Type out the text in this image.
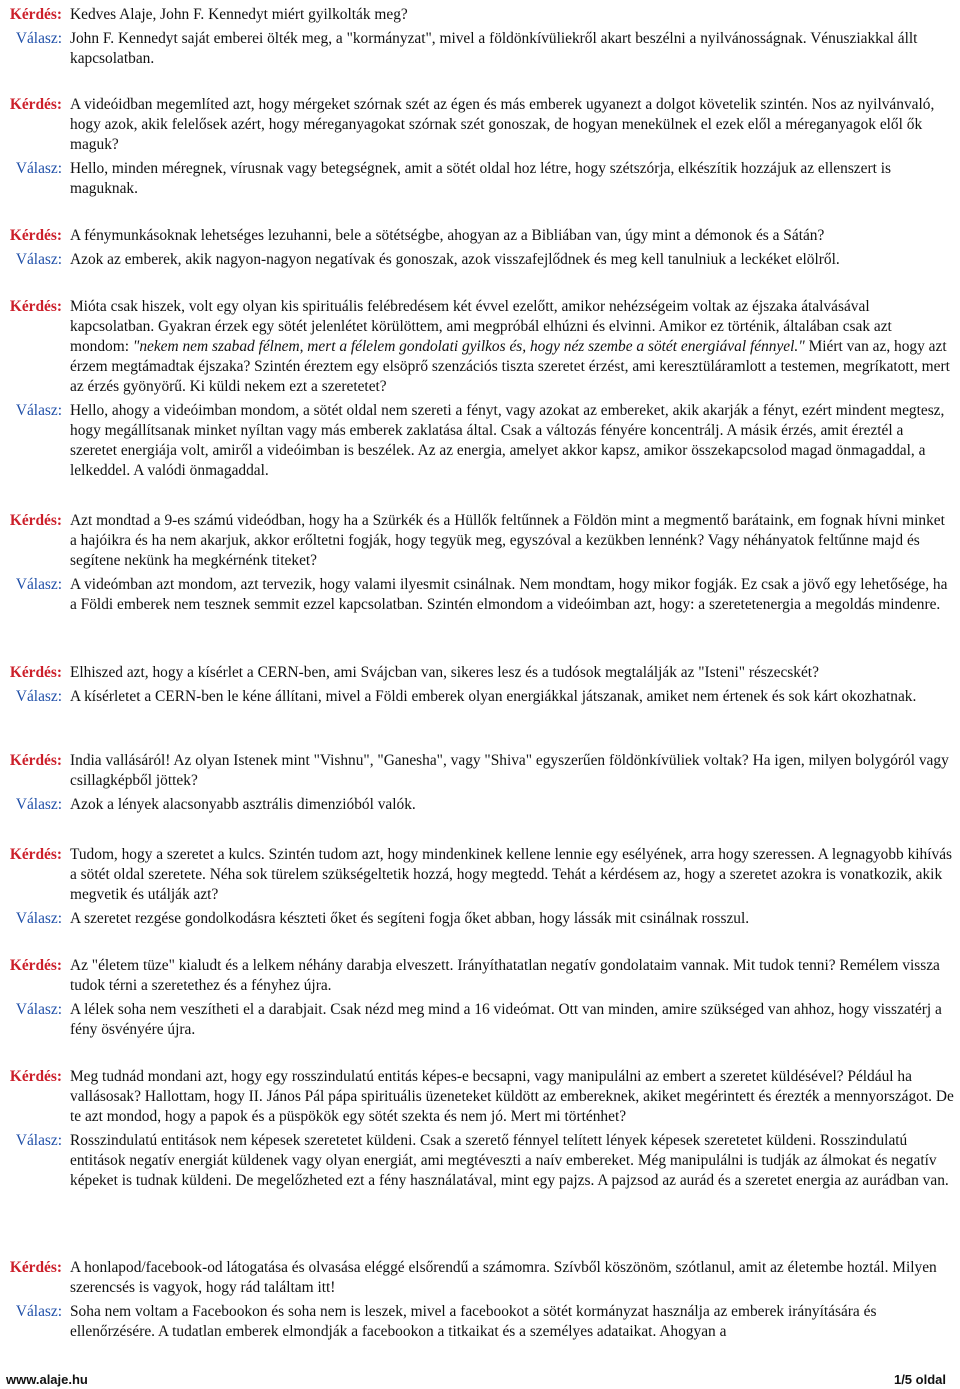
Kérdés: Kedves Alaje, John F. Kennedyt miért gyilkolták meg?
Válasz: John F. Kennedyt saját emberei ölték meg, a "kormányzat", mivel a földönkívüliekről akart beszélni a nyilvánosságnak. Vénusziakkal állt kapcsolatban.
Kérdés: A videóidban megemlíted azt, hogy mérgeket szórnak szét az égen és más emberek ugyanezt a dolgot követelik szintén. Nos az nyilvánvaló, hogy azok, akik felelősek azért, hogy méreganyagokat szórnak szét gonoszak, de hogyan menekülnek el ezek elől a méreganyagok elől ők maguk?
Válasz: Hello, minden méregnek, vírusnak vagy betegségnek, amit a sötét oldal hoz létre, hogy szétszórja, elkészítik hozzájuk az ellenszert is maguknak.
Kérdés: A fénymunkásoknak lehetséges lezuhanni, bele a sötétségbe, ahogyan az a Bibliában van, úgy mint a démonok és a Sátán?
Válasz: Azok az emberek, akik nagyon-nagyon negatívak és gonoszak, azok visszafejlődnek és meg kell tanulniuk a leckéket elölről.
Kérdés: Mióta csak hiszek, volt egy olyan kis spirituális felébredésem két évvel ezelőtt, amikor nehézségeim voltak az éjszaka átalvásával kapcsolatban. Gyakran érzek egy sötét jelenlétet körülöttem, ami megpróbál elhúzni és elvinni. Amikor ez történik, általában csak azt mondom: "nekem nem szabad félnem, mert a félelem gondolati gyilkos és, hogy néz szembe a sötét energiával fénnyel." Miért van az, hogy azt érzem megtámadtak éjszaka? Szintén éreztem egy elsöprő szenzációs tiszta szeretet érzést, ami keresztüláramlott a testemen, megríkatott, mert az érzés gyönyörű. Ki küldi nekem ezt a szeretetet?
Válasz: Hello, ahogy a videóimban mondom, a sötét oldal nem szereti a fényt, vagy azokat az embereket, akik akarják a fényt, ezért mindent megtesz, hogy megállítsanak minket nyíltan vagy más emberek zaklatása által. Csak a változás fényére koncentrálj. A másik érzés, amit éreztél a szeretet energiája volt, amiről a videóimban is beszélek. Az az energia, amelyet akkor kapsz, amikor összekapcsolod magad önmagaddal, a lelkeddel. A valódi önmagaddal.
Kérdés: Azt mondtad a 9-es számú videódban, hogy ha a Szürkék és a Hüllők feltűnnek a Földön mint a megmentő barátaink, em fognak hívni minket a hajóikra és ha nem akarjuk, akkor erőltetni fogják, hogy tegyük meg, egyszóval a kezükben lennénk? Vagy néhányatok feltűnne majd és segítene nekünk ha megkérnénk titeket?
Válasz: A videómban azt mondom, azt tervezik, hogy valami ilyesmit csinálnak. Nem mondtam, hogy mikor fogják. Ez csak a jövő egy lehetősége, ha a Földi emberek nem tesznek semmit ezzel kapcsolatban. Szintén elmondom a videóimban azt, hogy: a szeretetenergia a megoldás mindenre.
Kérdés: Elhiszed azt, hogy a kísérlet a CERN-ben, ami Svájcban van, sikeres lesz és a tudósok megtalálják az "Isteni" részecskét?
Válasz: A kísérletet a CERN-ben le kéne állítani, mivel a Földi emberek olyan energiákkal játszanak, amiket nem értenek és sok kárt okozhatnak.
Kérdés: India vallásáról! Az olyan Istenek mint "Vishnu", "Ganesha", vagy "Shiva" egyszerűen földönkívüliek voltak? Ha igen, milyen bolygóról vagy csillagképből jöttek?
Válasz: Azok a lények alacsonyabb asztrális dimenzióból valók.
Kérdés: Tudom, hogy a szeretet a kulcs. Szintén tudom azt, hogy mindenkinek kellene lennie egy esélyének, arra hogy szeressen. A legnagyobb kihívás a sötét oldal szeretete. Néha sok türelem szükségeltetik hozzá, hogy megtedd. Tehát a kérdésem az, hogy a szeretet azokra is vonatkozik, akik megvetik és utálják azt?
Válasz: A szeretet rezgése gondolkodásra készteti őket és segíteni fogja őket abban, hogy lássák mit csinálnak rosszul.
Kérdés: Az "életem tüze" kialudt és a lelkem néhány darabja elveszett. Irányíthatatlan negatív gondolataim vannak. Mit tudok tenni? Remélem vissza tudok térni a szeretethez és a fényhez újra.
Válasz: A lélek soha nem veszítheti el a darabjait. Csak nézd meg mind a 16 videómat. Ott van minden, amire szükséged van ahhoz, hogy visszatérj a fény ösvényére újra.
Kérdés: Meg tudnád mondani azt, hogy egy rosszindulatú entitás képes-e becsapni, vagy manipulálni az embert a szeretet küldésével? Például ha vallásosak? Hallottam, hogy II. János Pál pápa spirituális üzeneteket küldött az embereknek, akiket megérintett és érezték a mennyországot. De te azt mondod, hogy a papok és a püspökök egy sötét szekta és nem jó. Mert mi történhet?
Válasz: Rosszindulatú entitások nem képesek szeretetet küldeni. Csak a szerető fénnyel telített lények képesek szeretetet küldeni. Rosszindulatú entitások negatív energiát küldenek vagy olyan energiát, ami megtéveszti a naív embereket. Még manipulálni is tudják az álmokat és negatív képeket is tudnak küldeni. De megelőzheted ezt a fény használatával, mint egy pajzs. A pajzsod az aurád és a szeretet energia az aurádban van.
Kérdés: A honlapod/facebook-od látogatása és olvasása eléggé elsőrendű a számomra. Szívből köszönöm, szótlanul, amit az életembe hoztál. Milyen szerencsés is vagyok, hogy rád találtam itt!
Válasz: Soha nem voltam a Facebookon és soha nem is leszek, mivel a facebookot a sötét kormányzat használja az emberek irányítására és ellenőrzésére. A tudatlan emberek elmondják a facebookon a titkaikat és a személyes adataikat. Ahogyan a
www.alaje.hu	1/5 oldal
